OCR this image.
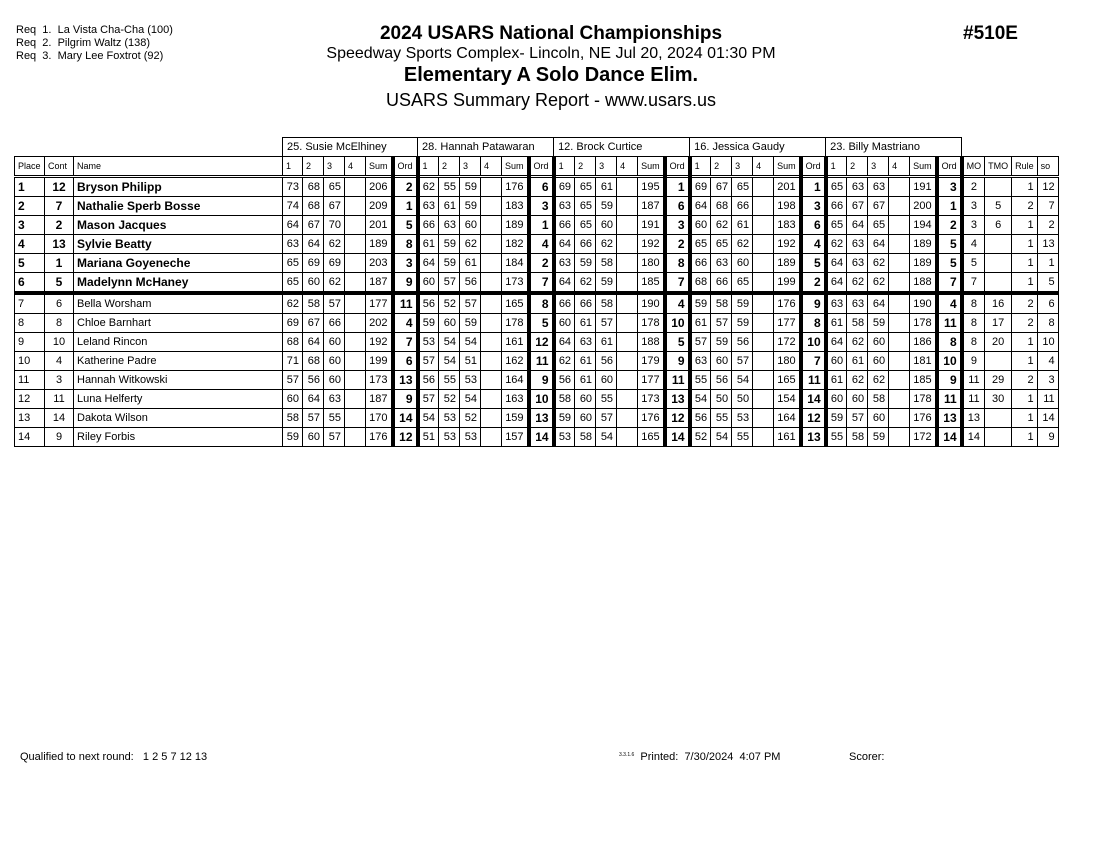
Req  1.  La Vista Cha-Cha (100)
Req  2.  Pilgrim Waltz (138)
Req  3.  Mary Lee Foxtrot (92)
2024 USARS National Championships
Speedway Sports Complex- Lincoln, NE Jul 20, 2024 01:30 PM
Elementary A Solo Dance Elim.
USARS Summary Report - www.usars.us
#510E
			25. Susie McElhiney						28. Hannah Patawaran						12. Brock Curtice						16. Jessica Gaudy						23. Billy Mastriano									
Place	Cont	Name	1	2	3	4	Sum	Ord	1	2	3	4	Sum	Ord	1	2	3	4	Sum	Ord	1	2	3	4	Sum	Ord	1	2	3	4	Sum	Ord	MO	TMO	Rule	so
1	12	Bryson Philipp	73	68	65		206	2	62	55	59		176	6	69	65	61		195	1	69	67	65		201	1	65	63	63		191	3	2		1	12
2	7	Nathalie Sperb Bosse	74	68	67		209	1	63	61	59		183	3	63	65	59		187	6	64	68	66		198	3	66	67	67		200	1	3	5	2	7
3	2	Mason Jacques	64	67	70		201	5	66	63	60		189	1	66	65	60		191	3	60	62	61		183	6	65	64	65		194	2	3	6	1	2
4	13	Sylvie Beatty	63	64	62		189	8	61	59	62		182	4	64	66	62		192	2	65	65	62		192	4	62	63	64		189	5	4		1	13
5	1	Mariana Goyeneche	65	69	69		203	3	64	59	61		184	2	63	59	58		180	8	66	63	60		189	5	64	63	62		189	5	5		1	1
6	5	Madelynn McHaney	65	60	62		187	9	60	57	56		173	7	64	62	59		185	7	68	66	65		199	2	64	62	62		188	7	7		1	5
7	6	Bella Worsham	62	58	57		177	11	56	52	57		165	8	66	66	58		190	4	59	58	59		176	9	63	63	64		190	4	8	16	2	6
8	8	Chloe Barnhart	69	67	66		202	4	59	60	59		178	5	60	61	57		178	10	61	57	59		177	8	61	58	59		178	11	8	17	2	8
9	10	Leland Rincon	68	64	60		192	7	53	54	54		161	12	64	63	61		188	5	57	59	56		172	10	64	62	60		186	8	8	20	1	10
10	4	Katherine Padre	71	68	60		199	6	57	54	51		162	11	62	61	56		179	9	63	60	57		180	7	60	61	60		181	10	9		1	4
11	3	Hannah Witkowski	57	56	60		173	13	56	55	53		164	9	56	61	60		177	11	55	56	54		165	11	61	62	62		185	9	11	29	2	3
12	11	Luna Helferty	60	64	63		187	9	57	52	54		163	10	58	60	55		173	13	54	50	50		154	14	60	60	58		178	11	11	30	1	11
13	14	Dakota Wilson	58	57	55		170	14	54	53	52		159	13	59	60	57		176	12	56	55	53		164	12	59	57	60		176	13	13		1	14
14	9	Riley Forbis	59	60	57		176	12	51	53	53		157	14	53	58	54		165	14	52	54	55		161	13	55	58	59		172	14	14		1	9
Qualified to next round: 1 2 5 7 12 13	$^{3.3.1.6}$ Printed:  7/30/2024  4:07 PM	Scorer:
